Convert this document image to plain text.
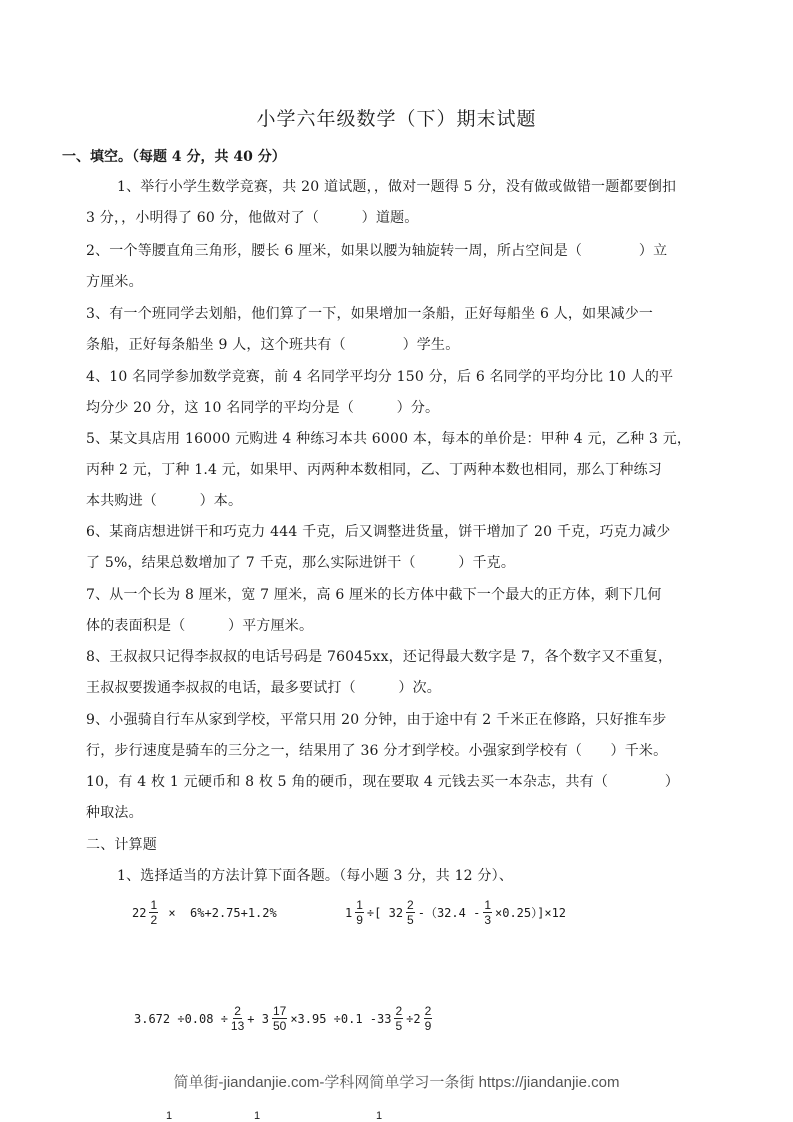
小学六年级数学（下）期末试题
一、填空。（每题 4 分，共 40 分）
1、举行小学生数学竞赛，共 20 道试题，，做对一题得 5 分，没有做或做错一题都要倒扣
3 分，，小明得了 60 分，他做对了（　　　）道题。
2、一个等腰直角三角形，腰长 6 厘米，如果以腰为轴旋转一周，所占空间是（　　　　）立
方厘米。
3、有一个班同学去划船，他们算了一下，如果增加一条船，正好每船坐 6 人，如果减少一
条船，正好每条船坐 9 人，这个班共有（　　　　）学生。
4、10 名同学参加数学竞赛，前 4 名同学平均分 150 分，后 6 名同学的平均分比 10 人的平
均分少 20 分，这 10 名同学的平均分是（　　　）分。
5、某文具店用 16000 元购进 4 种练习本共 6000 本，每本的单价是：甲种 4 元，乙种 3 元，
丙种 2 元，丁种 1.4 元，如果甲、丙两种本数相同，乙、丁两种本数也相同，那么丁种练习
本共购进（　　　）本。
6、某商店想进饼干和巧克力 444 千克，后又调整进货量，饼干增加了 20 千克，巧克力减少
了 5%，结果总数增加了 7 千克，那么实际进饼干（　　　）千克。
7、从一个长为 8 厘米，宽 7 厘米，高 6 厘米的长方体中截下一个最大的正方体，剩下几何
体的表面积是（　　　）平方厘米。
8、王叔叔只记得李叔叔的电话号码是 76045xx，还记得最大数字是 7，各个数字又不重复，
王叔叔要拨通李叔叔的电话，最多要试打（　　　）次。
9、小强骑自行车从家到学校，平常只用 20 分钟，由于途中有 2 千米正在修路，只好推车步
行，步行速度是骑车的三分之一，结果用了 36 分才到学校。小强家到学校有（　　）千米。
10，有 4 枚 1 元硬币和 8 枚 5 角的硬币，现在要取 4 元钱去买一本杂志，共有（　　　　）
种取法。
二、计算题
1、选择适当的方法计算下面各题。（每小题 3 分，共 12 分）、
$22 \frac{1}{2} \times 6\%+2.75+1.2\%$	$1 \frac{1}{9}$ ÷[ $32 \frac{2}{5} -(32.4 - \frac{1}{3} \times 0.25)]\times 12$
$3.672 \div 0.08 \div \frac{2}{13} + 3 \frac{17}{50} \times 3.95 \div 0.1$ $-33 \frac{2}{5} \div 2 \frac{2}{9}$
简单街-jiandanjie.com-学科网简单学习一条街 https://jiandanjie.com
1	1	1
